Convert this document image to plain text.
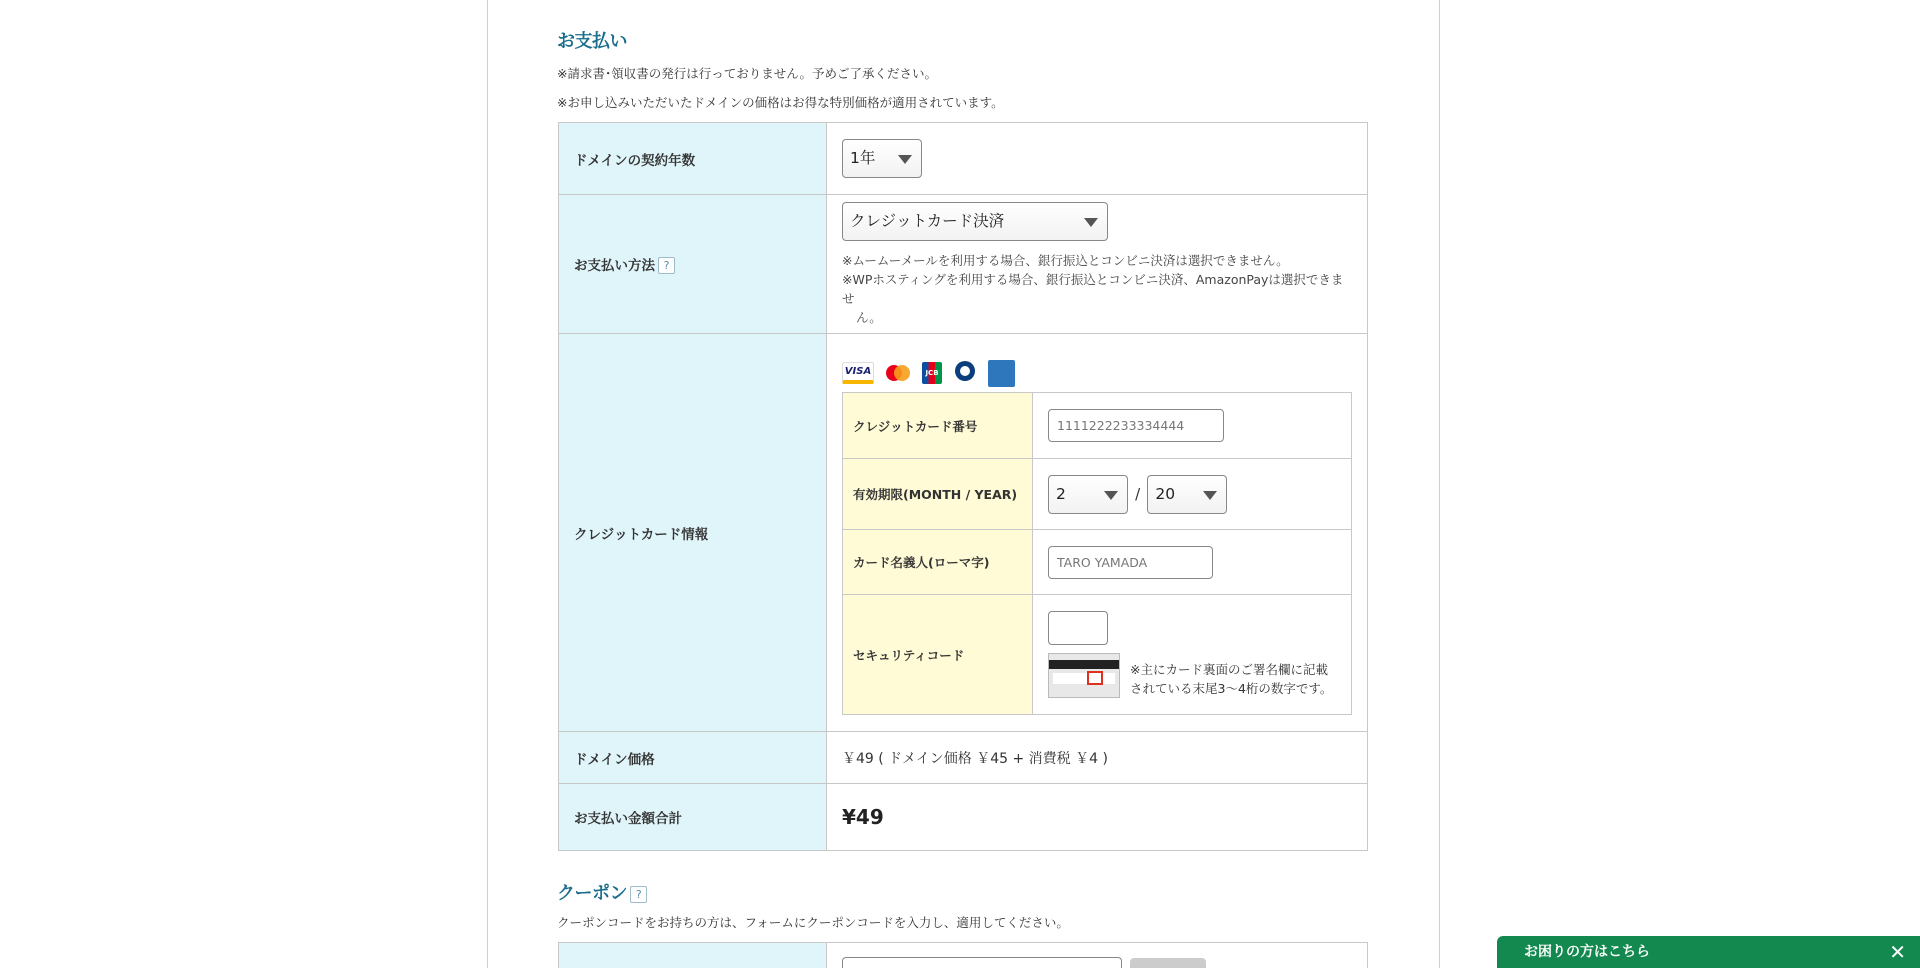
お支払い
※請求書･領収書の発行は行っておりません。予めご了承ください。
※お申し込みいただいたドメインの価格はお得な特別価格が適用されています。
ドメインの契約年数	1年

お支払い方法 ?	クレジットカード決済
※ムームーメールを利用する場合、銀行振込とコンビニ決済は選択できません。
※WPホスティングを利用する場合、銀行振込とコンビニ決済、AmazonPayは選択できませ
ん。

クレジットカード情報	
VISA	JCB
クレジットカード番号	1111222233334444
有効期限(MONTH / YEAR)	2	/ 20

カード名義人(ローマ字)	TARO YAMADA
セキュリティコード	
※主にカード裏面のご署名欄に記載
されている末尾3～4桁の数字です。

ドメイン価格	￥49 ( ドメイン価格 ￥45 + 消費税 ￥4 )
お支払い金額合計	¥49
クーポン ?
クーポンコードをお持ちの方は、フォームにクーポンコードを入力し、適用してください。
お困りの方はこちら	✕
